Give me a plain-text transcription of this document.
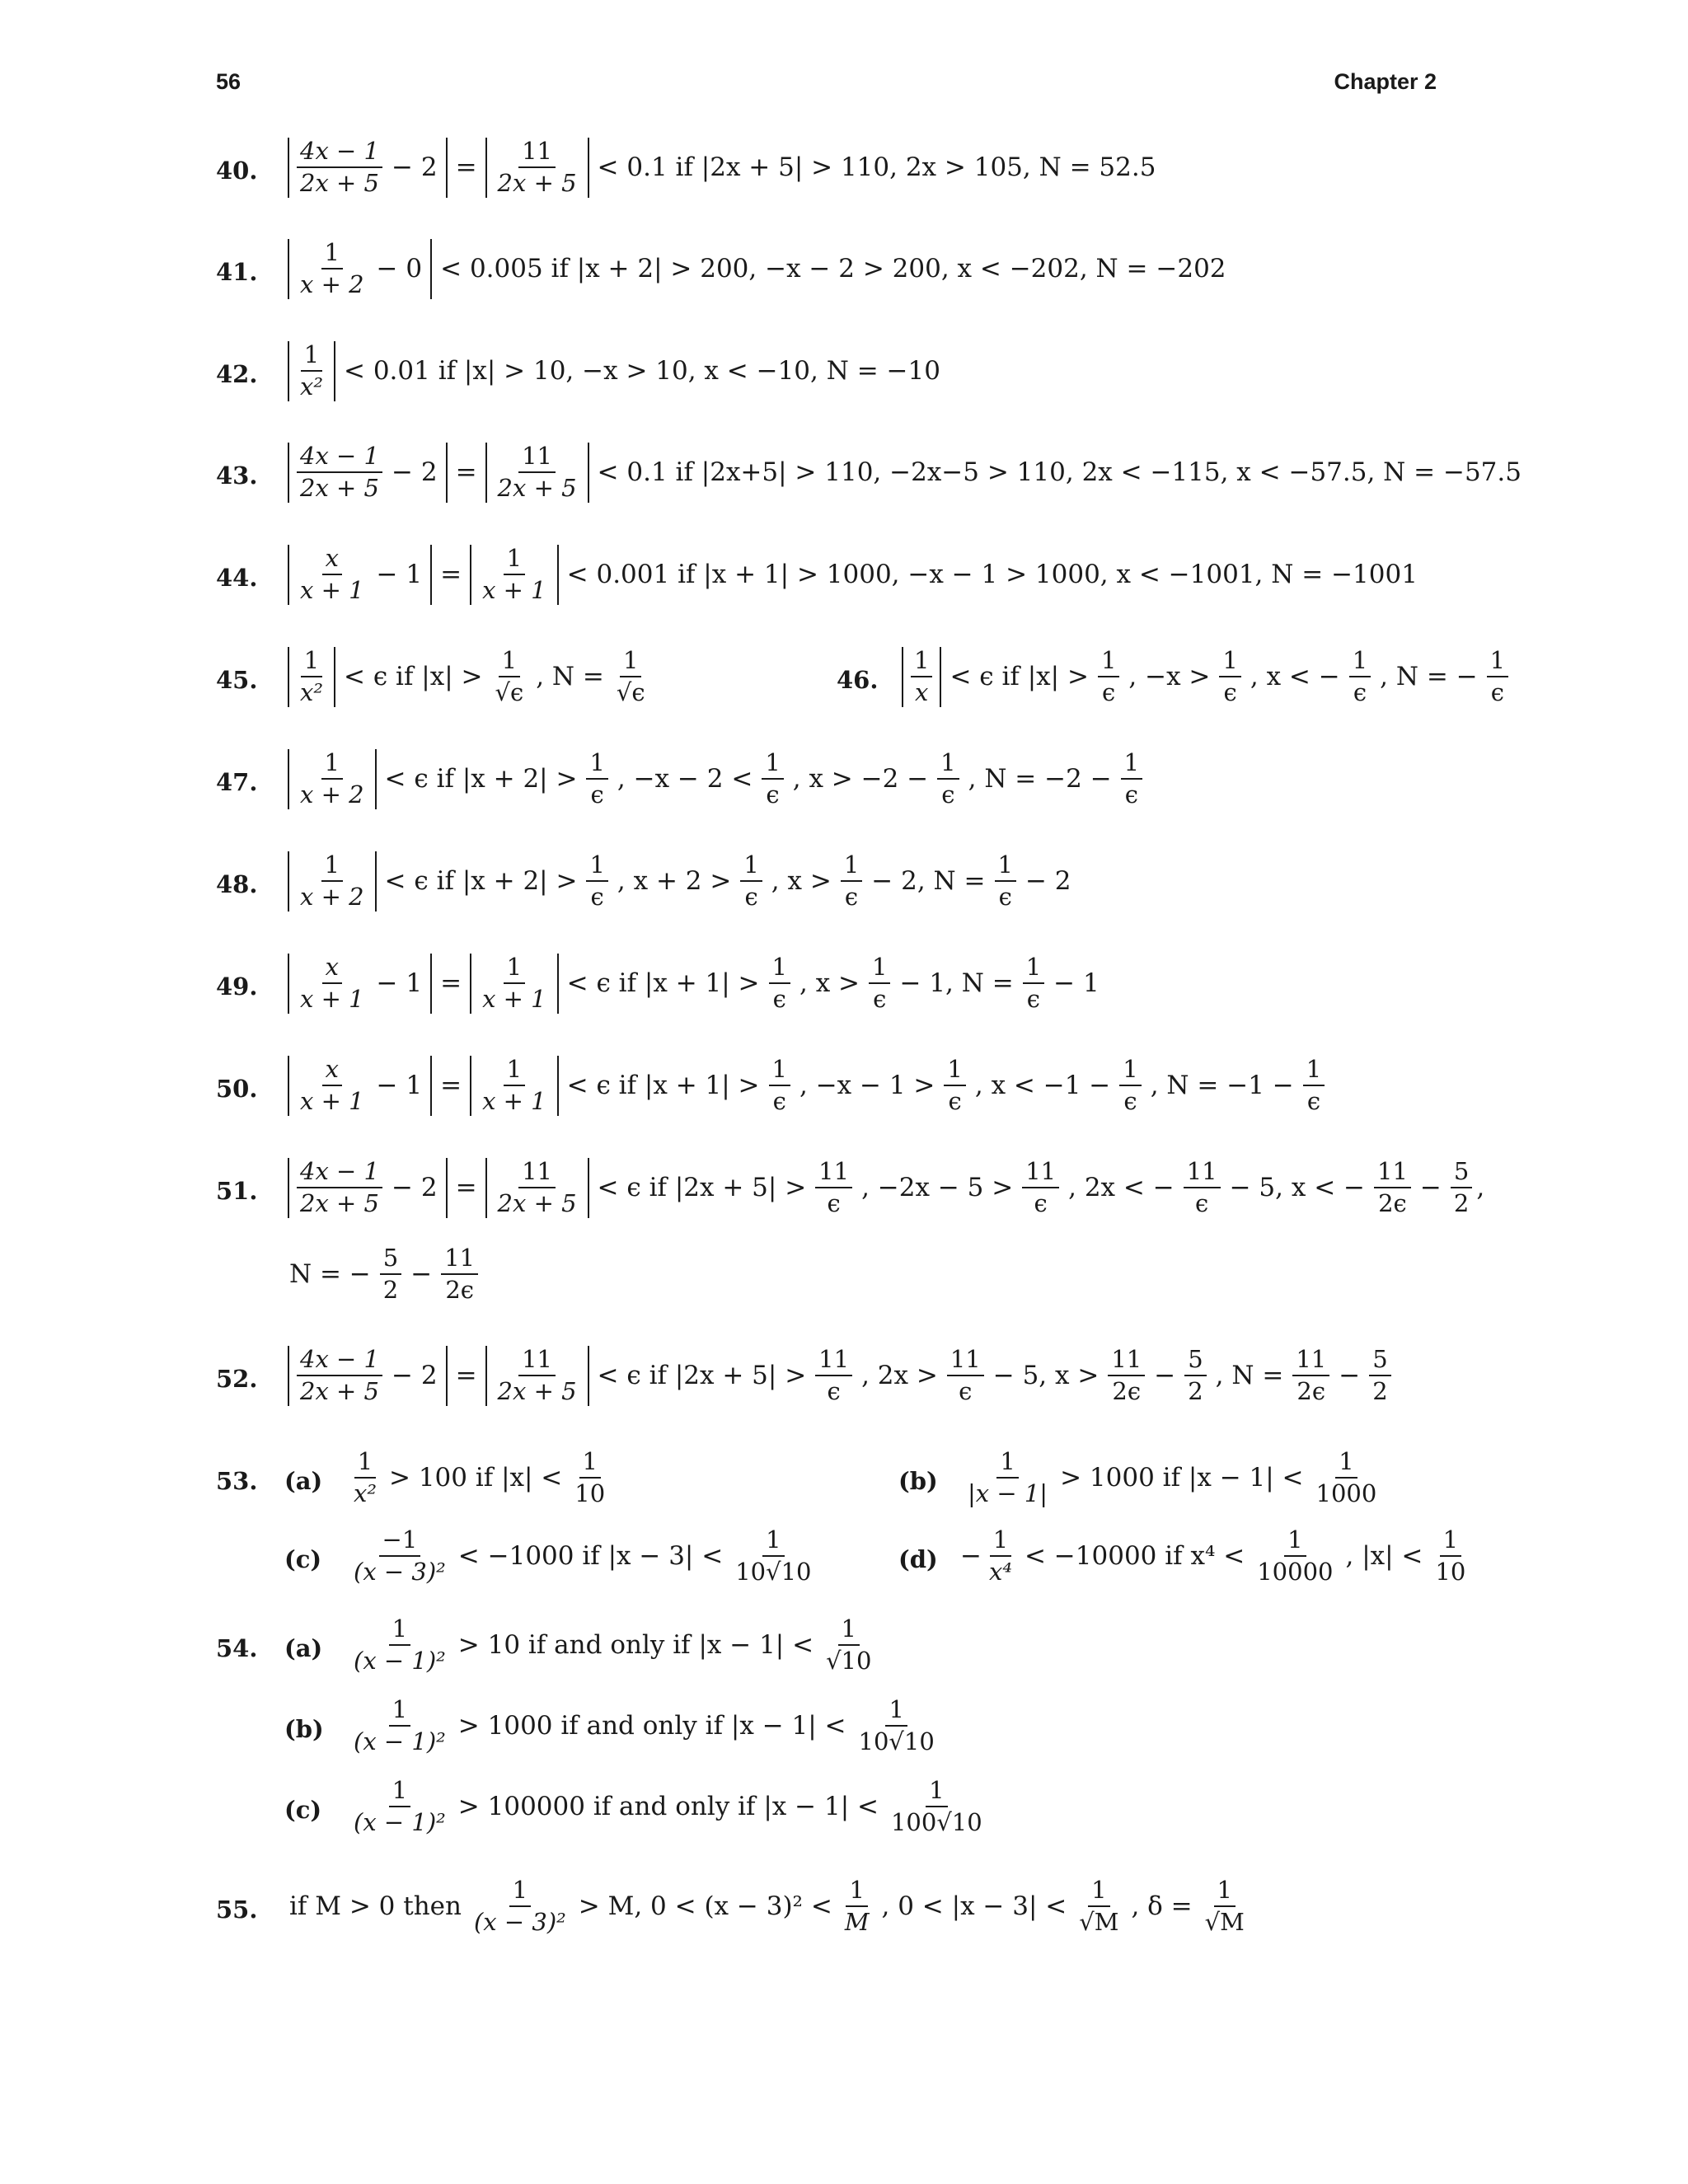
56	Chapter 2
40. $\frac{4x - 1}{2x + 5} - 2 = \frac{11}{2x + 5} < 0.1$ if |2x + 5| > 110, 2x > 105, N = 52.5
41. $\frac{1}{x + 2} - 0 < 0.005$ if |x + 2| > 200, −x − 2 > 200, x < −202, N = −202
42. $\frac{1}{\text{x²}} < 0.01$ if |x| > 10, −x > 10, x < −10, N = −10
43. $\frac{4x - 1}{2x + 5} - 2 = \frac{11}{2x + 5} < 0.1$ if |2x+5| > 110, −2x−5 > 110, 2x < −115, x < −57.5, N = −57.5
44. $\frac{x}{x + 1} - 1 = \frac{1}{x + 1} < 0.001$ if |x + 1| > 1000, −x − 1 > 1000, x < −1001, N = −1001
45. $\frac{1}{\text{x²}} < \epsilon$ if $|x| > \frac{1}{√\epsilon}$ , $N = \frac{1}{√\epsilon}$	46. $\frac{1}{x} < \epsilon$ if $|x| > \frac{1}{\epsilon}$ , $-x > \frac{1}{\epsilon}$ , x < − $\frac{1}{\epsilon}$ , N = − $\frac{1}{\epsilon}$
47. $\frac{1}{x + 2} < \epsilon$ if $|x + 2| > \frac{1}{\epsilon}$ , $-x - 2 < \frac{1}{\epsilon}$ , $x > -2 - \frac{1}{\epsilon}$ , $N = -2 - \frac{1}{\epsilon}$
48. $\frac{1}{x + 2} < \epsilon$ if $|x + 2| > \frac{1}{\epsilon}$ , $x + 2 > \frac{1}{\epsilon}$ , $x > \frac{1}{\epsilon} - 2$, $N = \frac{1}{\epsilon} - 2$
49. $\frac{x}{x + 1} - 1 = \frac{1}{x + 1} < \epsilon$ if $|x + 1| > \frac{1}{\epsilon}$ , $x > \frac{1}{\epsilon} - 1$, $N = \frac{1}{\epsilon} - 1$
50. $\frac{x}{x + 1} - 1 = \frac{1}{x + 1} < \epsilon$ if $|x + 1| > \frac{1}{\epsilon}$ , $-x - 1 > \frac{1}{\epsilon}$ , $x < -1 - \frac{1}{\epsilon}$ , $N = -1 - \frac{1}{\epsilon}$
51. $\frac{4x - 1}{2x + 5} - 2 = \frac{11}{2x + 5} < \epsilon$ if $|2x + 5| > \frac{11}{\epsilon}$ , $-2x - 5 > \frac{11}{\epsilon}$ , 2x < − $\frac{11}{\epsilon} - 5$, x < − $\frac{11}{2\epsilon} - \frac{5}{2}$ ,
N = − $\frac{5}{2} - \frac{11}{2\epsilon}$
52. $\frac{4x - 1}{2x + 5} - 2 = \frac{11}{2x + 5} < \epsilon$ if $|2x + 5| > \frac{11}{\epsilon}$ , $2x > \frac{11}{\epsilon} - 5$, $x > \frac{11}{2\epsilon} - \frac{5}{2}$ , $N = \frac{11}{2\epsilon} - \frac{5}{2}$
53. $(a) \frac{1}{\text{x²}} > 100$ if $|x| < \frac{1}{10}$	$(b) \frac{1}{|x - 1|} > 1000$ if $|x - 1| < \frac{1}{1000}$
$(c) \frac{-1}{\text{(x − 3)²}} < -1000$ if $|x - 3| < \frac{1}{10√10}$	$(d) - \frac{1}{\text{x⁴}} < -10000$ if $x^4 < \frac{1}{10000}$ , $|x| < \frac{1}{10}$
54. $(a) \frac{1}{\text{(x − 1)²}} > 10$ if and only if $|x - 1| < \frac{1}{√10}$
$(b) \frac{1}{\text{(x − 1)²}} > 1000$ if and only if $|x - 1| < \frac{1}{10√10}$
$(c) \frac{1}{\text{(x − 1)²}} > 100000$ if and only if $|x - 1| < \frac{1}{100√10}$
55. if M > 0 then $\frac{1}{\text{(x − 3)²}} > M$, $0 < (x - 3)^2 < \frac{1}{M}$ , $0 < |x - 3| < \frac{1}{√M}$ , $\delta = \frac{1}{√M}$
